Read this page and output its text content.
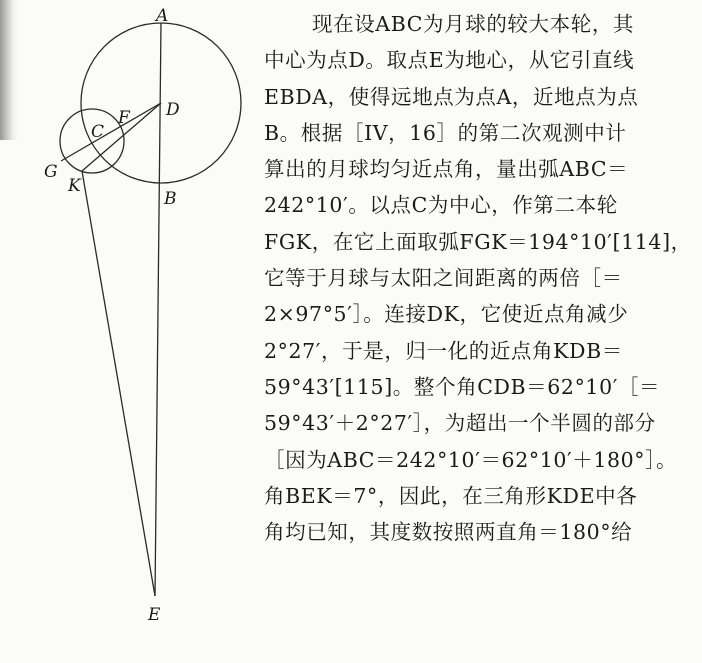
A
D
F
C
G
K
B
E
现在设ABC为月球的较大本轮，其
中心为点D。取点E为地心，从它引直线
EBDA，使得远地点为点A，近地点为点
B。根据［IV，16］的第二次观测中计
算出的月球均匀近点角，量出弧ABC＝
242°10′。以点C为中心，作第二本轮
FGK，在它上面取弧FGK＝194°10′[114]，
它等于月球与太阳之间距离的两倍［＝
2×97°5′］。连接DK，它使近点角减少
2°27′，于是，归一化的近点角KDB＝
59°43′[115]。整个角CDB＝62°10′［＝
59°43′＋2°27′］，为超出一个半圆的部分
［因为ABC＝242°10′＝62°10′＋180°］。
角BEK＝7°，因此，在三角形KDE中各
角均已知，其度数按照两直角＝180°给
